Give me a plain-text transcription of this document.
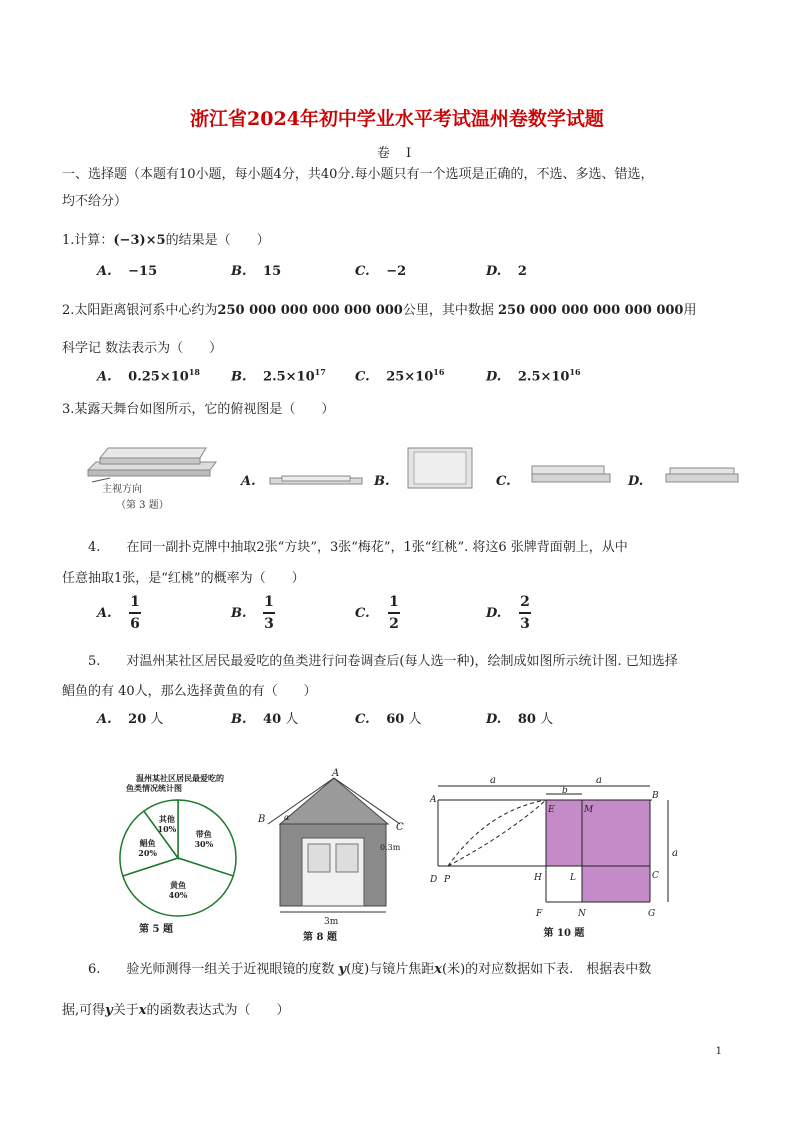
浙江省2024年初中学业水平考试温州卷数学试题
卷 I
一、选择题（本题有10小题，每小题4分，共40分.每小题只有一个选项是正确的，不选、多选、错选，
均不给分）
1.计算：(−3)×5的结果是（　　）
A. −15	B. 15	C. −2	D. 2
2.太阳距离银河系中心约为250 000 000 000 000 000公里，其中数据 250 000 000 000 000 000用
科学记 数法表示为（　　）
A. $0.25\times 10^{18}$ B. $2.5\times 10^{17}$ C. $25\times 10^{16}$	D. $2.5\times 10^{16}$
3.某露天舞台如图所示，它的俯视图是（　　）
主视方向
（第 3 题）
A.	B.	C.	D.
4.　　在同一副扑克牌中抽取2张“方块”，3张“梅花”，1张“红桃”. 将这6 张牌背面朝上，从中
任意抽取1张，是“红桃”的概率为（　　）
A.
1
6
B.
1
3
C.
1
2
D.
2
3
5.　　对温州某社区居民最爱吃的鱼类进行问卷调查后(每人选一种)，绘制成如图所示统计图. 已知选择
鲳鱼的有 40人，那么选择黄鱼的有（　　）
A. 20 人	B. 40 人	C. 60 人	D. 80 人
温州某社区居民最爱吃的
鱼类情况统计图
带鱼
30%
黄鱼
40%
鲳鱼
20%
其他
10%
第 5 题
A
B α
C
0.3m
3m
第 8 题
a	a
b
a
A	B
C
D
E
F	G
H	L
M
N
P
第 10 题
6.　　验光师测得一组关于近视眼镜的度数 y(度)与镜片焦距x(米)的对应数据如下表.　根据表中数
据,可得y关于x的函数表达式为（　　）
1
